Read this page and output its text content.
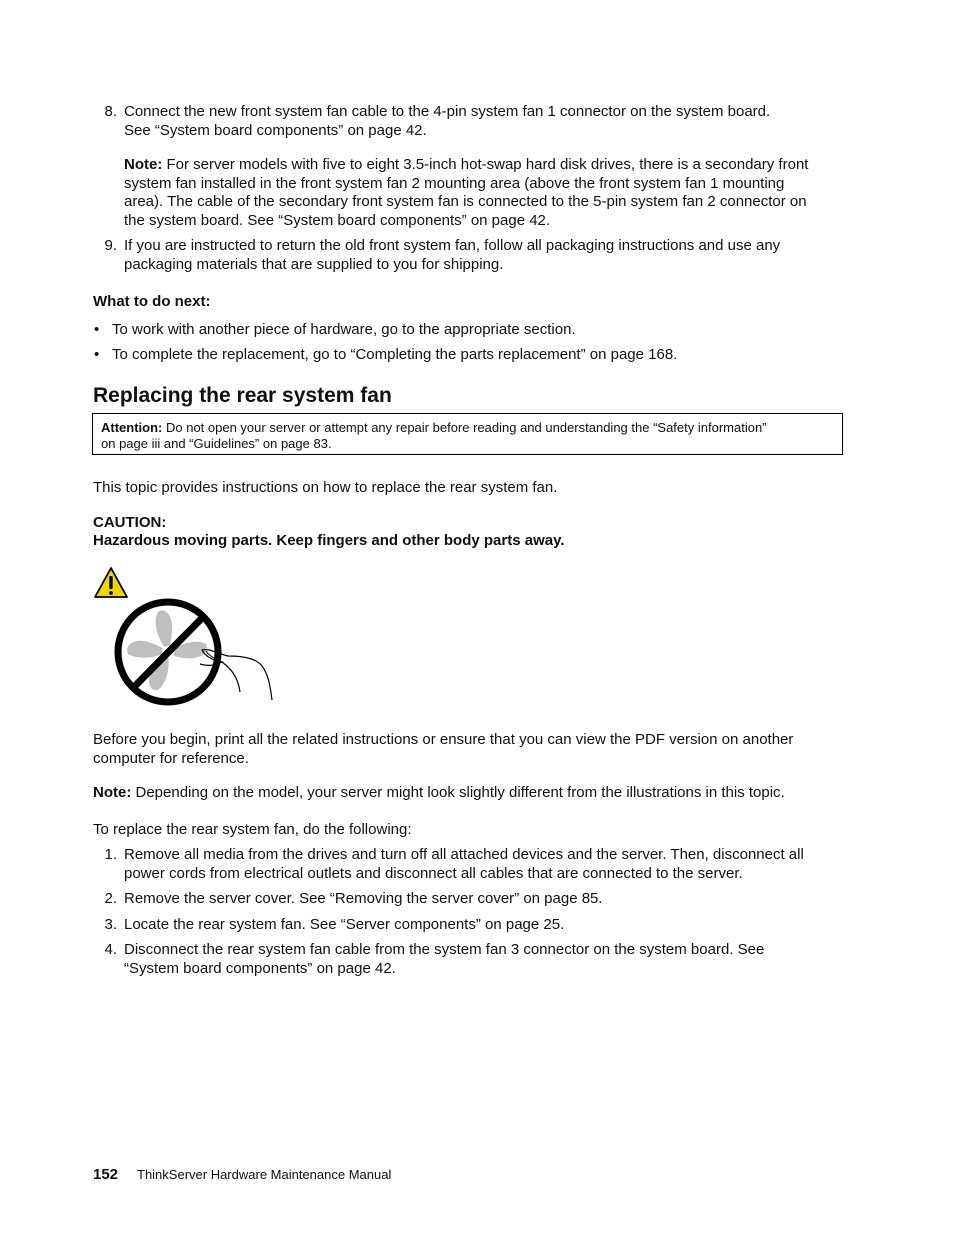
8. Connect the new front system fan cable to the 4-pin system fan 1 connector on the system board.
See “System board components” on page 42.
Note: For server models with five to eight 3.5-inch hot-swap hard disk drives, there is a secondary front
system fan installed in the front system fan 2 mounting area (above the front system fan 1 mounting
area). The cable of the secondary front system fan is connected to the 5-pin system fan 2 connector on
the system board. See “System board components” on page 42.
9. If you are instructed to return the old front system fan, follow all packaging instructions and use any
packaging materials that are supplied to you for shipping.
What to do next:
• To work with another piece of hardware, go to the appropriate section.
• To complete the replacement, go to “Completing the parts replacement” on page 168.
Replacing the rear system fan
Attention: Do not open your server or attempt any repair before reading and understanding the “Safety information”
on page iii and “Guidelines” on page 83.
This topic provides instructions on how to replace the rear system fan.
CAUTION:
Hazardous moving parts. Keep fingers and other body parts away.
Before you begin, print all the related instructions or ensure that you can view the PDF version on another
computer for reference.
Note: Depending on the model, your server might look slightly different from the illustrations in this topic.
To replace the rear system fan, do the following:
1. Remove all media from the drives and turn off all attached devices and the server. Then, disconnect all
power cords from electrical outlets and disconnect all cables that are connected to the server.
2. Remove the server cover. See “Removing the server cover” on page 85.
3. Locate the rear system fan. See “Server components” on page 25.
4. Disconnect the rear system fan cable from the system fan 3 connector on the system board. See
“System board components” on page 42.
152 ThinkServer Hardware Maintenance Manual
